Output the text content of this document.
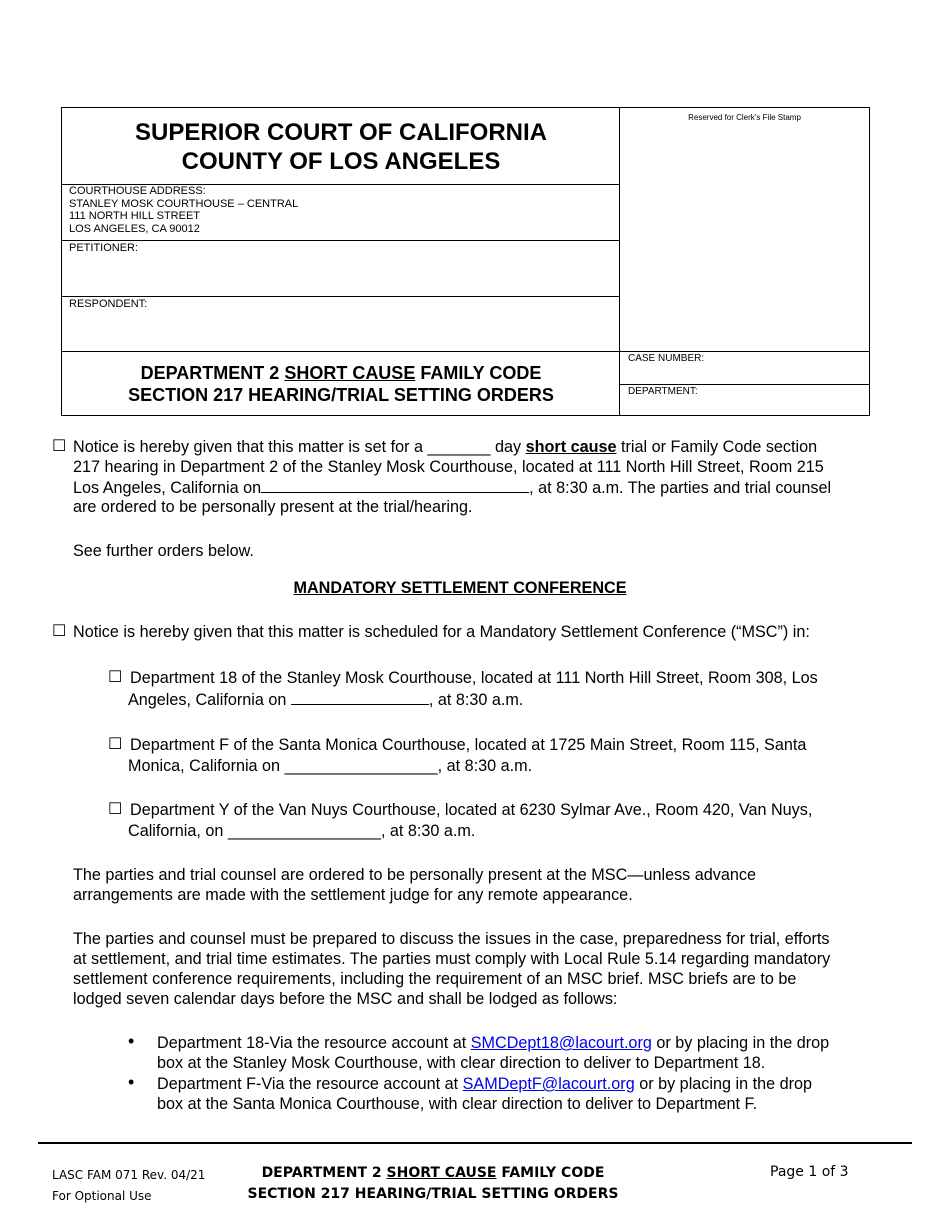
SUPERIOR COURT OF CALIFORNIA
COUNTY OF LOS ANGELES
COURTHOUSE ADDRESS:
STANLEY MOSK COURTHOUSE – CENTRAL
111 NORTH HILL STREET
LOS ANGELES, CA 90012
PETITIONER:
RESPONDENT:
DEPARTMENT 2 SHORT CAUSE FAMILY CODE
SECTION 217 HEARING/TRIAL SETTING ORDERS
Reserved for Clerk’s File Stamp
CASE NUMBER:
DEPARTMENT:
☐ Notice is hereby given that this matter is set for a _______ day short cause trial or Family Code section
217 hearing in Department 2 of the Stanley Mosk Courthouse, located at 111 North Hill Street, Room 215
Los Angeles, California on	, at 8:30 a.m. The parties and trial counsel
are ordered to be personally present at the trial/hearing.
See further orders below.
MANDATORY SETTLEMENT CONFERENCE
☐ Notice is hereby given that this matter is scheduled for a Mandatory Settlement Conference (“MSC”) in:
☐ Department 18 of the Stanley Mosk Courthouse, located at 111 North Hill Street, Room 308, Los
Angeles, California on	, at 8:30 a.m.
☐ Department F of the Santa Monica Courthouse, located at 1725 Main Street, Room 115, Santa
Monica, California on _________________, at 8:30 a.m.
☐ Department Y of the Van Nuys Courthouse, located at 6230 Sylmar Ave., Room 420, Van Nuys,
California, on _________________, at 8:30 a.m.
The parties and trial counsel are ordered to be personally present at the MSC—unless advance
arrangements are made with the settlement judge for any remote appearance.
The parties and counsel must be prepared to discuss the issues in the case, preparedness for trial, efforts
at settlement, and trial time estimates. The parties must comply with Local Rule 5.14 regarding mandatory
settlement conference requirements, including the requirement of an MSC brief. MSC briefs are to be
lodged seven calendar days before the MSC and shall be lodged as follows:
• Department 18-Via the resource account at SMCDept18@lacourt.org or by placing in the drop
box at the Stanley Mosk Courthouse, with clear direction to deliver to Department 18.
• Department F-Via the resource account at SAMDeptF@lacourt.org or by placing in the drop
box at the Santa Monica Courthouse, with clear direction to deliver to Department F.
LASC FAM 071 Rev. 04/21
For Optional Use
DEPARTMENT 2 SHORT CAUSE FAMILY CODE
SECTION 217 HEARING/TRIAL SETTING ORDERS
Page 1 of 3
